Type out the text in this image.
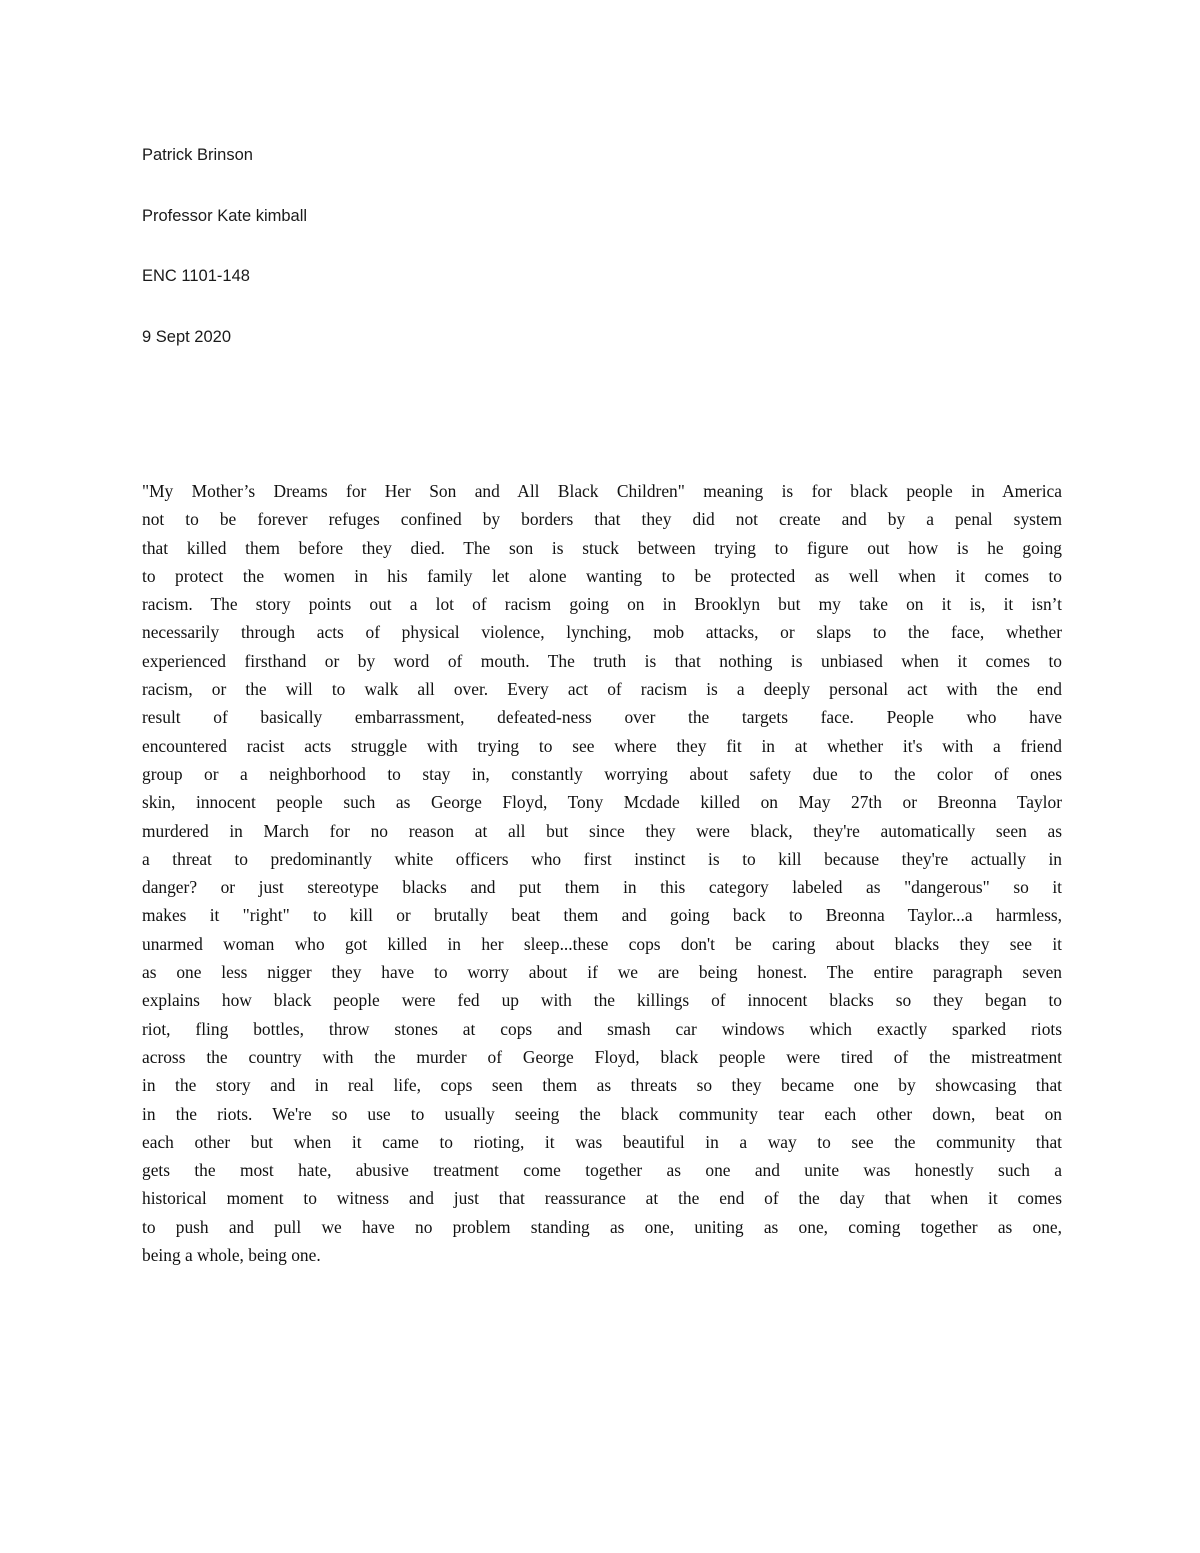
Patrick Brinson
Professor Kate kimball
ENC 1101-148
9 Sept 2020
"My Mother’s Dreams for Her Son and All Black Children" meaning is for black people in America
not to be forever refuges confined by borders that they did not create and by a penal system
that killed them before they died. The son is stuck between trying to figure out how is he going
to protect the women in his family let alone wanting to be protected as well when it comes to
racism. The story points out a lot of racism going on in Brooklyn but my take on it is, it isn’t
necessarily through acts of physical violence, lynching, mob attacks, or slaps to the face, whether
experienced firsthand or by word of mouth. The truth is that nothing is unbiased when it comes to
racism, or the will to walk all over. Every act of racism is a deeply personal act with the end
result of basically embarrassment, defeated-ness over the targets face. People who have
encountered racist acts struggle with trying to see where they fit in at whether it's with a friend
group or a neighborhood to stay in, constantly worrying about safety due to the color of ones
skin, innocent people such as George Floyd, Tony Mcdade killed on May 27th or Breonna Taylor
murdered in March for no reason at all but since they were black, they're automatically seen as
a threat to predominantly white officers who first instinct is to kill because they're actually in
danger? or just stereotype blacks and put them in this category labeled as "dangerous" so it
makes it "right" to kill or brutally beat them and going back to Breonna Taylor...a harmless,
unarmed woman who got killed in her sleep...these cops don't be caring about blacks they see it
as one less nigger they have to worry about if we are being honest. The entire paragraph seven
explains how black people were fed up with the killings of innocent blacks so they began to
riot, fling bottles, throw stones at cops and smash car windows which exactly sparked riots
across the country with the murder of George Floyd, black people were tired of the mistreatment
in the story and in real life, cops seen them as threats so they became one by showcasing that
in the riots. We're so use to usually seeing the black community tear each other down, beat on
each other but when it came to rioting, it was beautiful in a way to see the community that
gets the most hate, abusive treatment come together as one and unite was honestly such a
historical moment to witness and just that reassurance at the end of the day that when it comes
to push and pull we have no problem standing as one, uniting as one, coming together as one,
being a whole, being one.
